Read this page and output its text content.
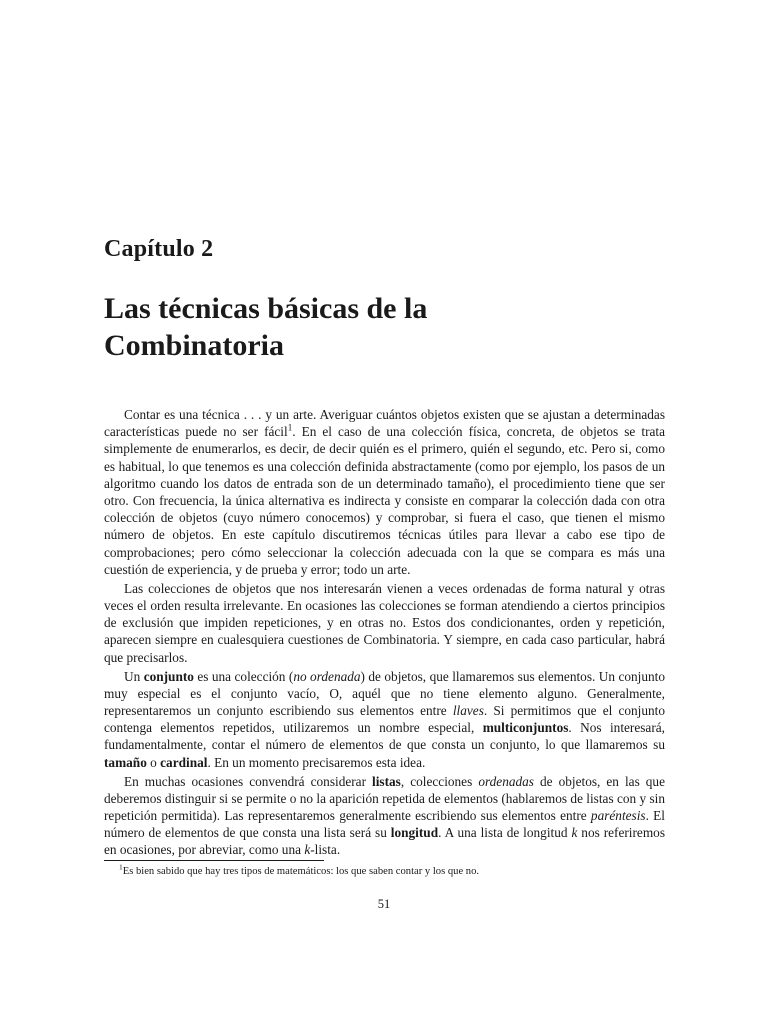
Capítulo 2
Las técnicas básicas de la
Combinatoria

Contar es una técnica . . . y un arte. Averiguar cuántos objetos existen que se ajustan a determinadas características puede no ser fácil$^1$. En el caso de una colección física, concreta, de objetos se trata simplemente de enumerarlos, es decir, de decir quién es el primero, quién el segundo, etc. Pero si, como es habitual, lo que tenemos es una colección definida abstractamente (como por ejemplo, los pasos de un algoritmo cuando los datos de entrada son de un determinado tamaño), el procedimiento tiene que ser otro. Con frecuencia, la única alternativa es indirecta y consiste en comparar la colección dada con otra colección de objetos (cuyo número conocemos) y comprobar, si fuera el caso, que tienen el mismo número de objetos. En este capítulo discutiremos técnicas útiles para llevar a cabo ese tipo de comprobaciones; pero cómo seleccionar la colección adecuada con la que se compara es más una cuestión de experiencia, y de prueba y error; todo un arte.

Las colecciones de objetos que nos interesarán vienen a veces ordenadas de forma natural y otras veces el orden resulta irrelevante. En ocasiones las colecciones se forman atendiendo a ciertos principios de exclusión que impiden repeticiones, y en otras no. Estos dos condicionantes, orden y repetición, aparecen siempre en cualesquiera cuestiones de Combinatoria. Y siempre, en cada caso particular, habrá que precisarlos.

Un conjunto es una colección (no ordenada) de objetos, que llamaremos sus elementos. Un conjunto muy especial es el conjunto vacío, O, aquél que no tiene elemento alguno. Generalmente, representaremos un conjunto escribiendo sus elementos entre llaves. Si permitimos que el conjunto contenga elementos repetidos, utilizaremos un nombre especial, multiconjuntos. Nos interesará, fundamentalmente, contar el número de elementos de que consta un conjunto, lo que llamaremos su tamaño o cardinal. En un momento precisaremos esta idea.

En muchas ocasiones convendrá considerar listas, colecciones ordenadas de objetos, en las que deberemos distinguir si se permite o no la aparición repetida de elementos (hablaremos de listas con y sin repetición permitida). Las representaremos generalmente escribiendo sus elementos entre paréntesis. El número de elementos de que consta una lista será su longitud. A una lista de longitud k nos referiremos en ocasiones, por abreviar, como una k-lista.

$^1$Es bien sabido que hay tres tipos de matemáticos: los que saben contar y los que no.
51
